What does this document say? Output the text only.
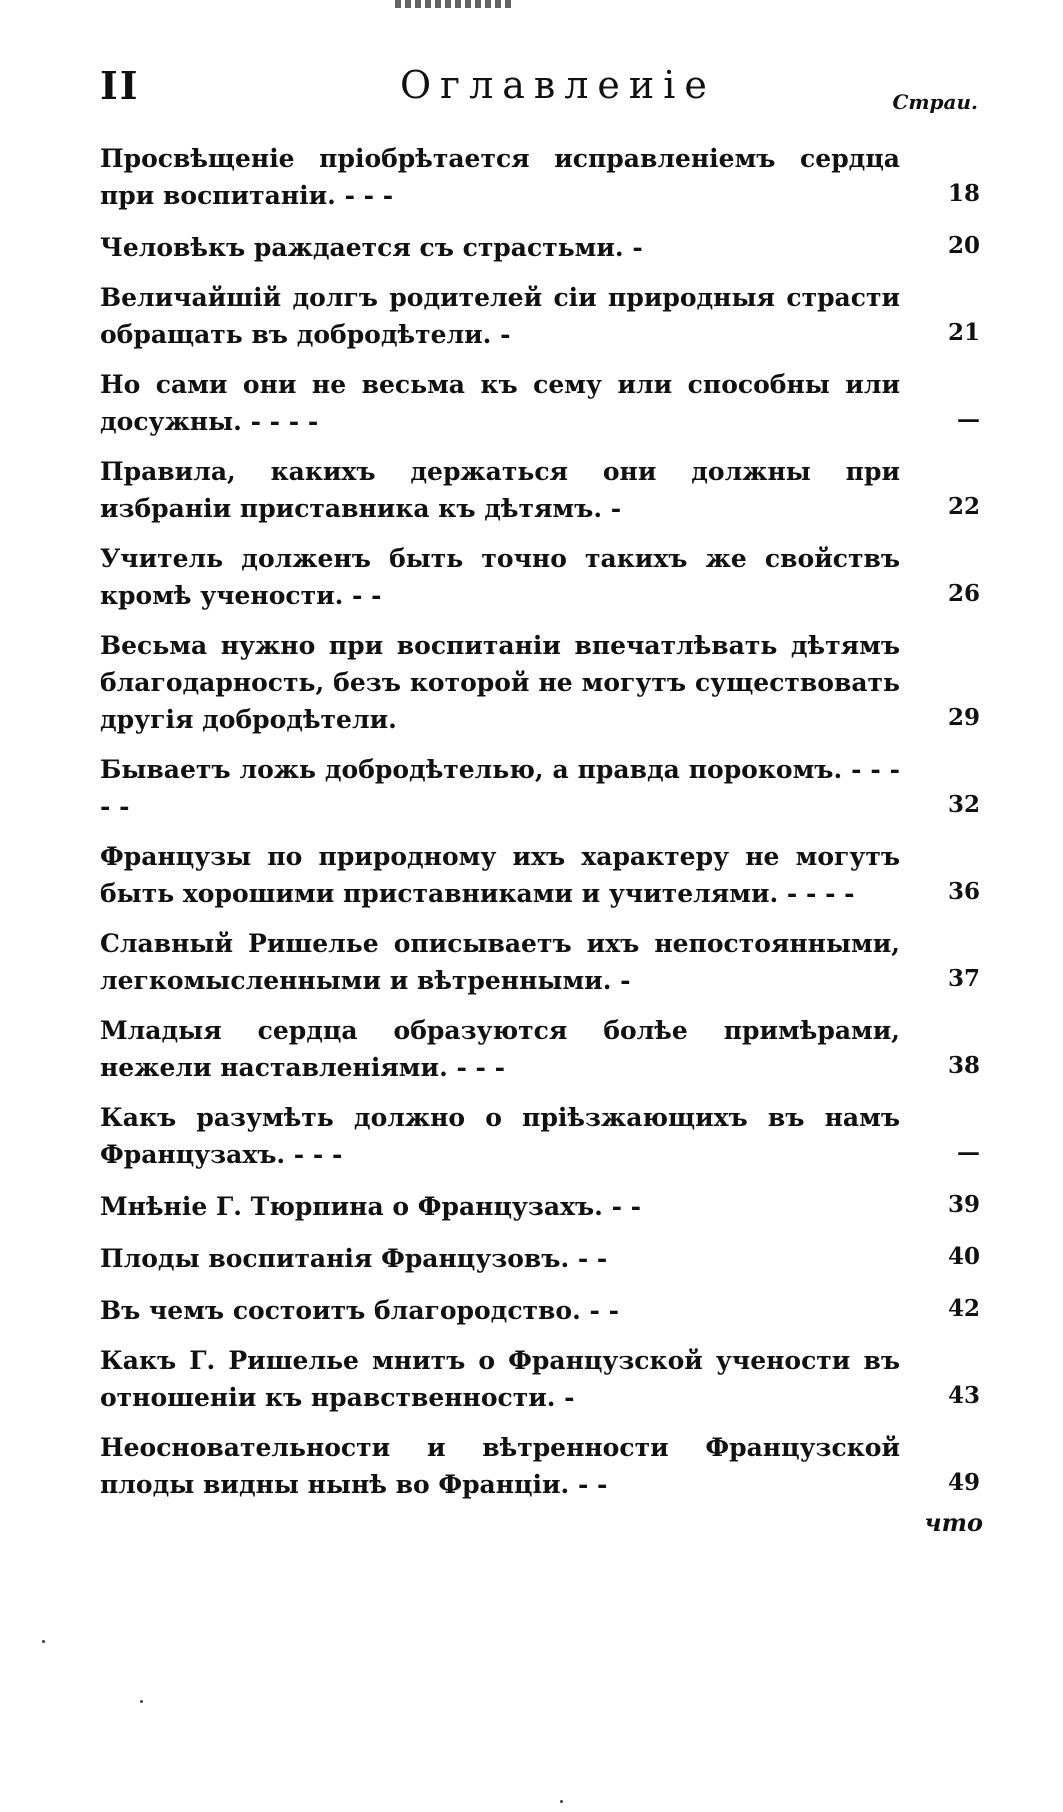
II	Оглавлеиіе	Страи.
Просвѣщеніе пріобрѣтается исправленіемъ сердца при воспитаніи. - - -	18
Человѣкъ раждается съ страстьми. -	20
Величайшій долгъ родителей сіи природныя страсти обращать въ добродѣтели. -	21
Но сами они не весьма къ сему или способны или досужны. - - - -	—
Правила, какихъ держаться они должны при избраніи приставника къ дѣтямъ. -	22
Учитель долженъ быть точно такихъ же свойствъ кромѣ учености. - -	26
Весьма нужно при воспитаніи впечатлѣвать дѣтямъ благодарность, безъ которой не могутъ существовать другія добродѣтели.	29
Бываетъ ложь добродѣтелью, а правда порокомъ. - - - - -	32
Французы по природному ихъ характеру не могутъ быть хорошими приставниками и учителями. - - - -	36
Славный Ришелье описываетъ ихъ непостоянными, легкомысленными и вѣтренными. -	37
Младыя сердца образуются болѣе примѣрами, нежели наставленіями. - - -	38
Какъ разумѣть должно о пріѣзжающихъ въ намъ Французахъ. - - -	—
Мнѣніе Г. Тюрпина о Французахъ. - -	39
Плоды воспитанія Французовъ. - -	40
Въ чемъ состоитъ благородство. - -	42
Какъ Г. Ришелье мнитъ о Французской учености въ отношеніи къ нравственности. -	43
Неосновательности и вѣтренности Французской плоды видны нынѣ во Франціи. - -	49
что
